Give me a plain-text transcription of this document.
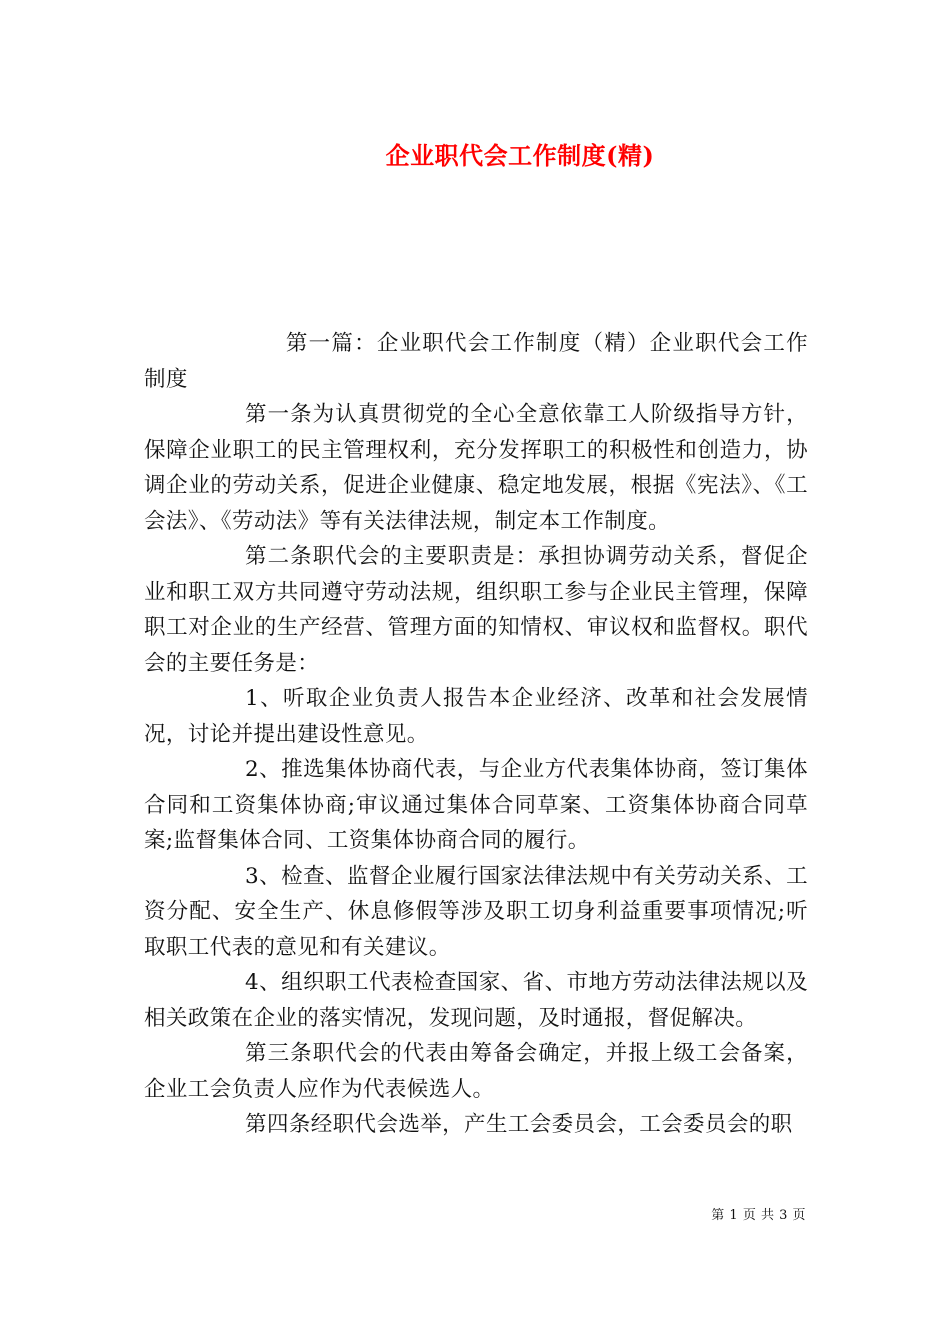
企业职代会工作制度(精)

第一篇：企业职代会工作制度（精）企业职代会工作制度

第一条为认真贯彻党的全心全意依靠工人阶级指导方针，保障企业职工的民主管理权利，充分发挥职工的积极性和创造力，协调企业的劳动关系，促进企业健康、稳定地发展，根据《宪法》、《工会法》、《劳动法》等有关法律法规，制定本工作制度。

第二条职代会的主要职责是：承担协调劳动关系，督促企业和职工双方共同遵守劳动法规，组织职工参与企业民主管理，保障职工对企业的生产经营、管理方面的知情权、审议权和监督权。职代会的主要任务是：

1、听取企业负责人报告本企业经济、改革和社会发展情况，讨论并提出建设性意见。

2、推选集体协商代表，与企业方代表集体协商，签订集体合同和工资集体协商;审议通过集体合同草案、工资集体协商合同草案;监督集体合同、工资集体协商合同的履行。

3、检查、监督企业履行国家法律法规中有关劳动关系、工资分配、安全生产、休息修假等涉及职工切身利益重要事项情况;听取职工代表的意见和有关建议。

4、组织职工代表检查国家、省、市地方劳动法律法规以及相关政策在企业的落实情况，发现问题，及时通报，督促解决。

第三条职代会的代表由筹备会确定，并报上级工会备案，企业工会负责人应作为代表候选人。

第四条经职代会选举，产生工会委员会，工会委员会的职

第 1 页 共 3 页
